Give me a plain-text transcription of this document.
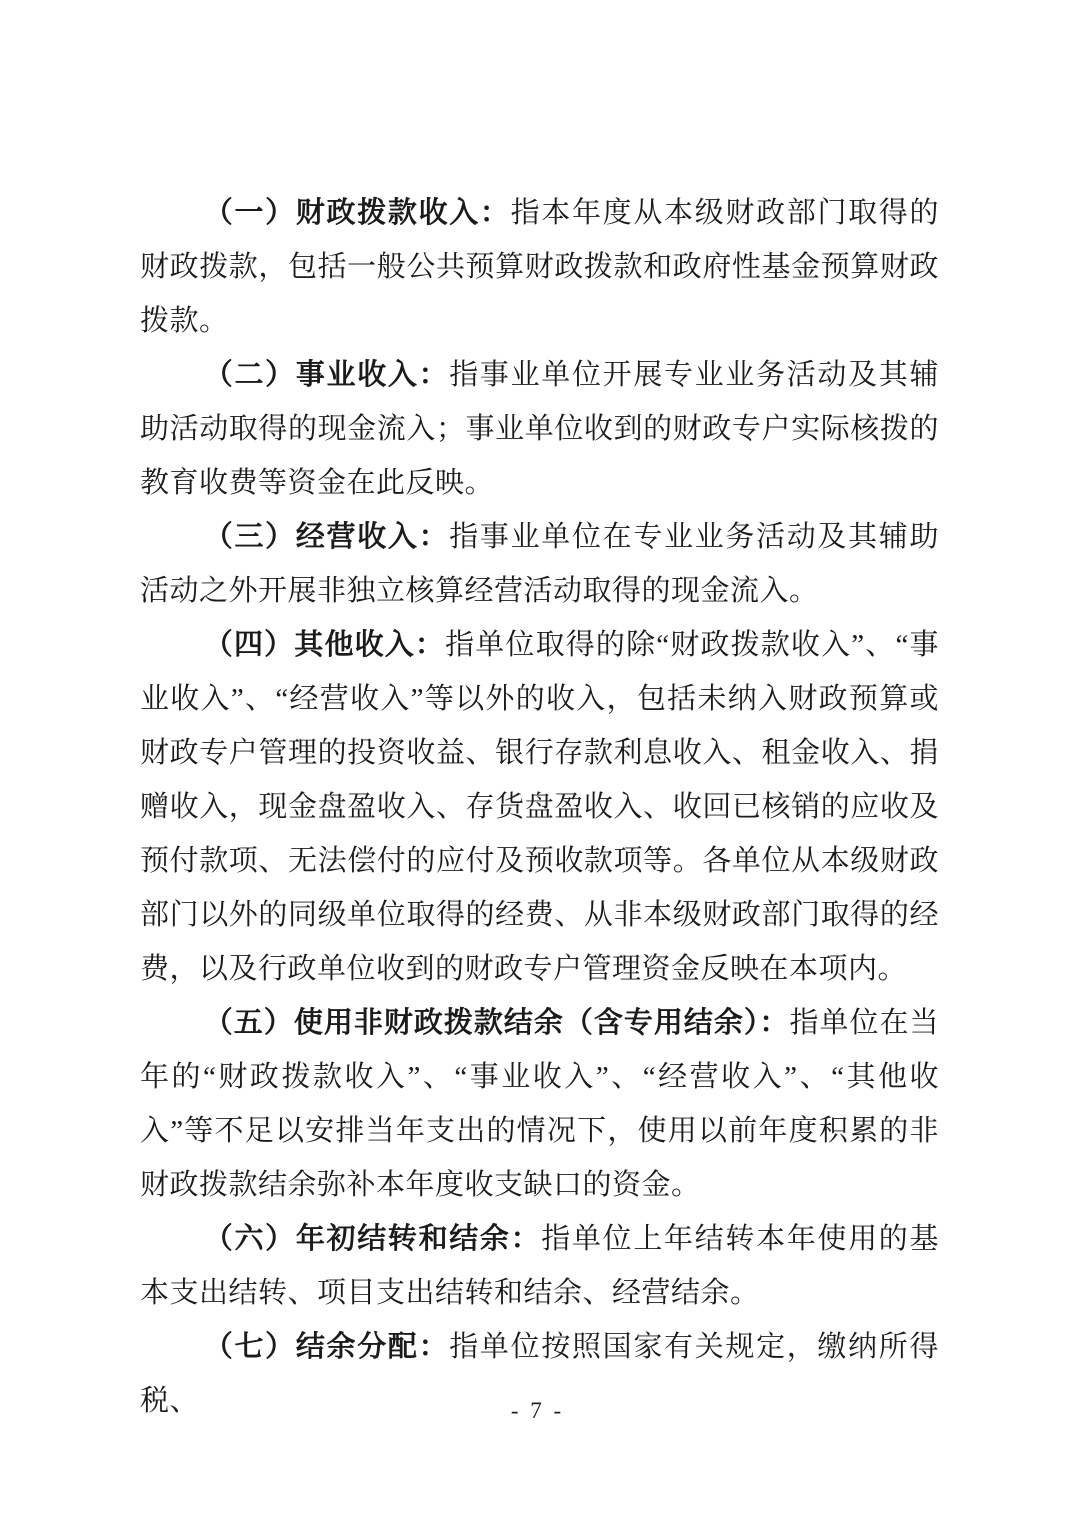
（一）财政拨款收入：指本年度从本级财政部门取得的财政拨款，包括一般公共预算财政拨款和政府性基金预算财政拨款。

（二）事业收入：指事业单位开展专业业务活动及其辅助活动取得的现金流入；事业单位收到的财政专户实际核拨的教育收费等资金在此反映。

（三）经营收入：指事业单位在专业业务活动及其辅助活动之外开展非独立核算经营活动取得的现金流入。

（四）其他收入：指单位取得的除“财政拨款收入”、“事业收入”、“经营收入”等以外的收入，包括未纳入财政预算或财政专户管理的投资收益、银行存款利息收入、租金收入、捐赠收入，现金盘盈收入、存货盘盈收入、收回已核销的应收及预付款项、无法偿付的应付及预收款项等。各单位从本级财政部门以外的同级单位取得的经费、从非本级财政部门取得的经费，以及行政单位收到的财政专户管理资金反映在本项内。

（五）使用非财政拨款结余（含专用结余）：指单位在当年的“财政拨款收入”、“事业收入”、“经营收入”、“其他收入”等不足以安排当年支出的情况下，使用以前年度积累的非财政拨款结余弥补本年度收支缺口的资金。

（六）年初结转和结余：指单位上年结转本年使用的基本支出结转、项目支出结转和结余、经营结余。

（七）结余分配：指单位按照国家有关规定，缴纳所得税、	- 7 -
